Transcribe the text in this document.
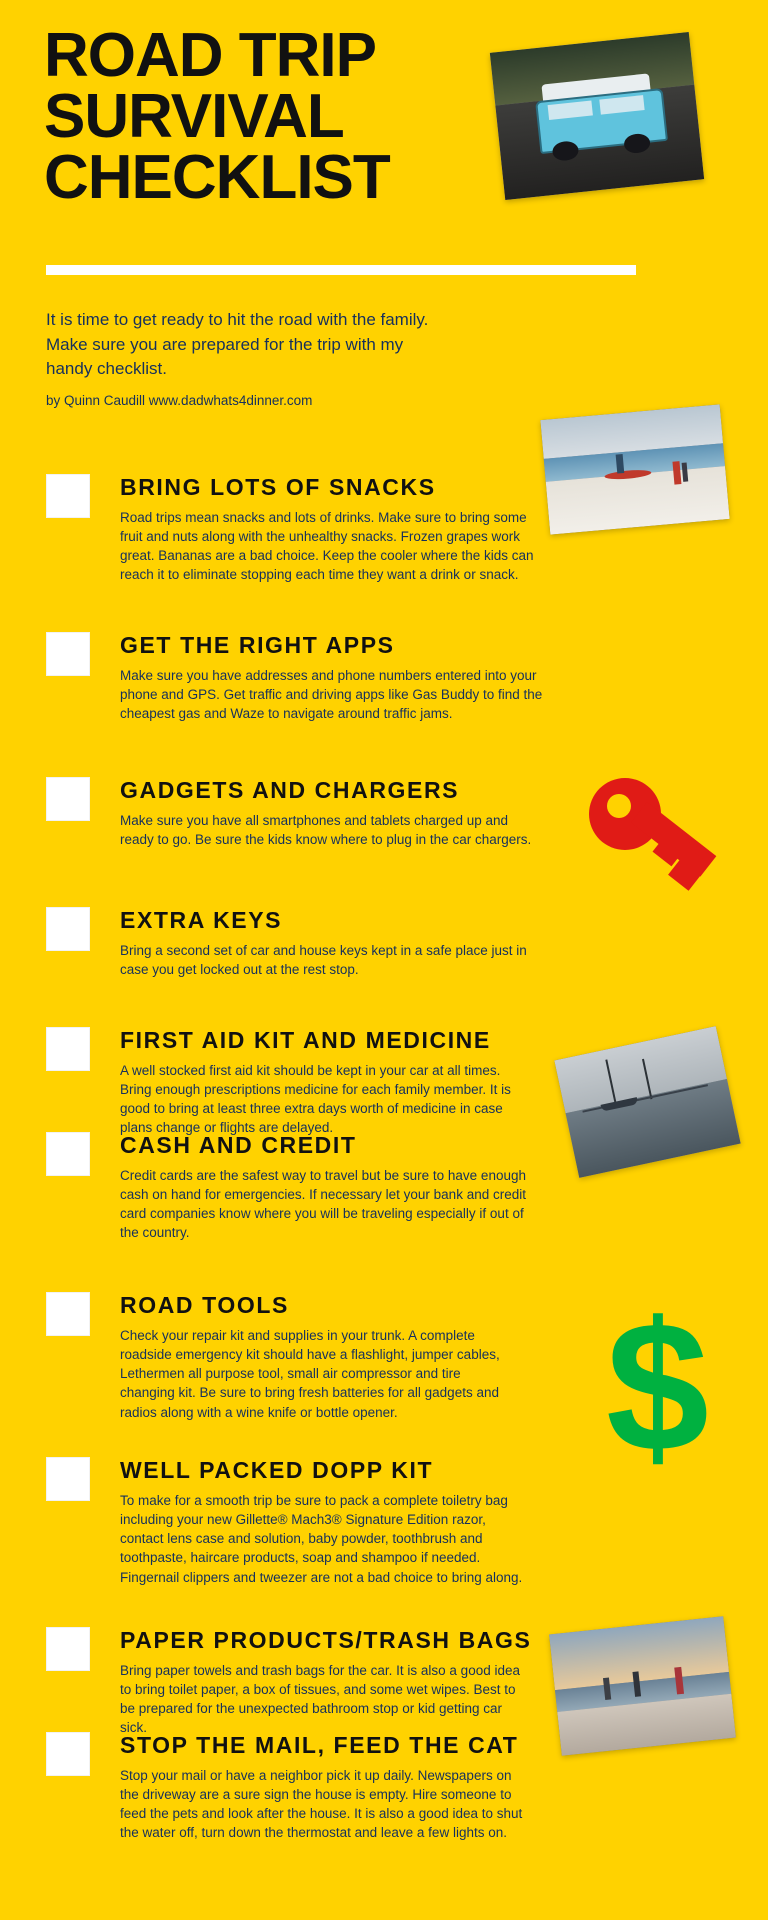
ROAD TRIP
SURVIVAL
CHECKLIST
It is time to get ready to hit the road with the family. Make sure you are prepared for the trip with my handy checklist.
by Quinn Caudill www.dadwhats4dinner.com
$
BRING LOTS OF SNACKS

Road trips mean snacks and lots of drinks. Make sure to bring some fruit and nuts along with the unhealthy snacks. Frozen grapes work great. Bananas are a bad choice. Keep the cooler where the kids can reach it to eliminate stopping each time they want a drink or snack.

GET THE RIGHT APPS

Make sure you have addresses and phone numbers entered into your phone and GPS. Get traffic and driving apps like Gas Buddy to find the cheapest gas and Waze to navigate around traffic jams.

GADGETS AND CHARGERS

Make sure you have all smartphones and tablets charged up and ready to go. Be sure the kids know where to plug in the car chargers.

EXTRA KEYS

Bring a second set of car and house keys kept in a safe place just in case you get locked out at the rest stop.

FIRST AID KIT AND MEDICINE

A well stocked first aid kit should be kept in your car at all times. Bring enough prescriptions medicine for each family member. It is good to bring at least three extra days worth of medicine in case plans change or flights are delayed.

CASH AND CREDIT

Credit cards are the safest way to travel but be sure to have enough cash on hand for emergencies. If necessary let your bank and credit card companies know where you will be traveling especially if out of the country.

ROAD TOOLS

Check your repair kit and supplies in your trunk. A complete roadside emergency kit should have a flashlight, jumper cables, Lethermen all purpose tool, small air compressor and tire changing kit. Be sure to bring fresh batteries for all gadgets and radios along with a wine knife or bottle opener.

WELL PACKED DOPP KIT

To make for a smooth trip be sure to pack a complete toiletry bag including your new Gillette® Mach3® Signature Edition razor, contact lens case and solution, baby powder, toothbrush and toothpaste, haircare products, soap and shampoo if needed. Fingernail clippers and tweezer are not a bad choice to bring along.

PAPER PRODUCTS/TRASH BAGS

Bring paper towels and trash bags for the car. It is also a good idea to bring toilet paper, a box of tissues, and some wet wipes. Best to be prepared for the unexpected bathroom stop or kid getting car sick.

STOP THE MAIL, FEED THE CAT

Stop your mail or have a neighbor pick it up daily. Newspapers on the driveway are a sure sign the house is empty. Hire someone to feed the pets and look after the house. It is also a good idea to shut the water off, turn down the thermostat and leave a few lights on.
